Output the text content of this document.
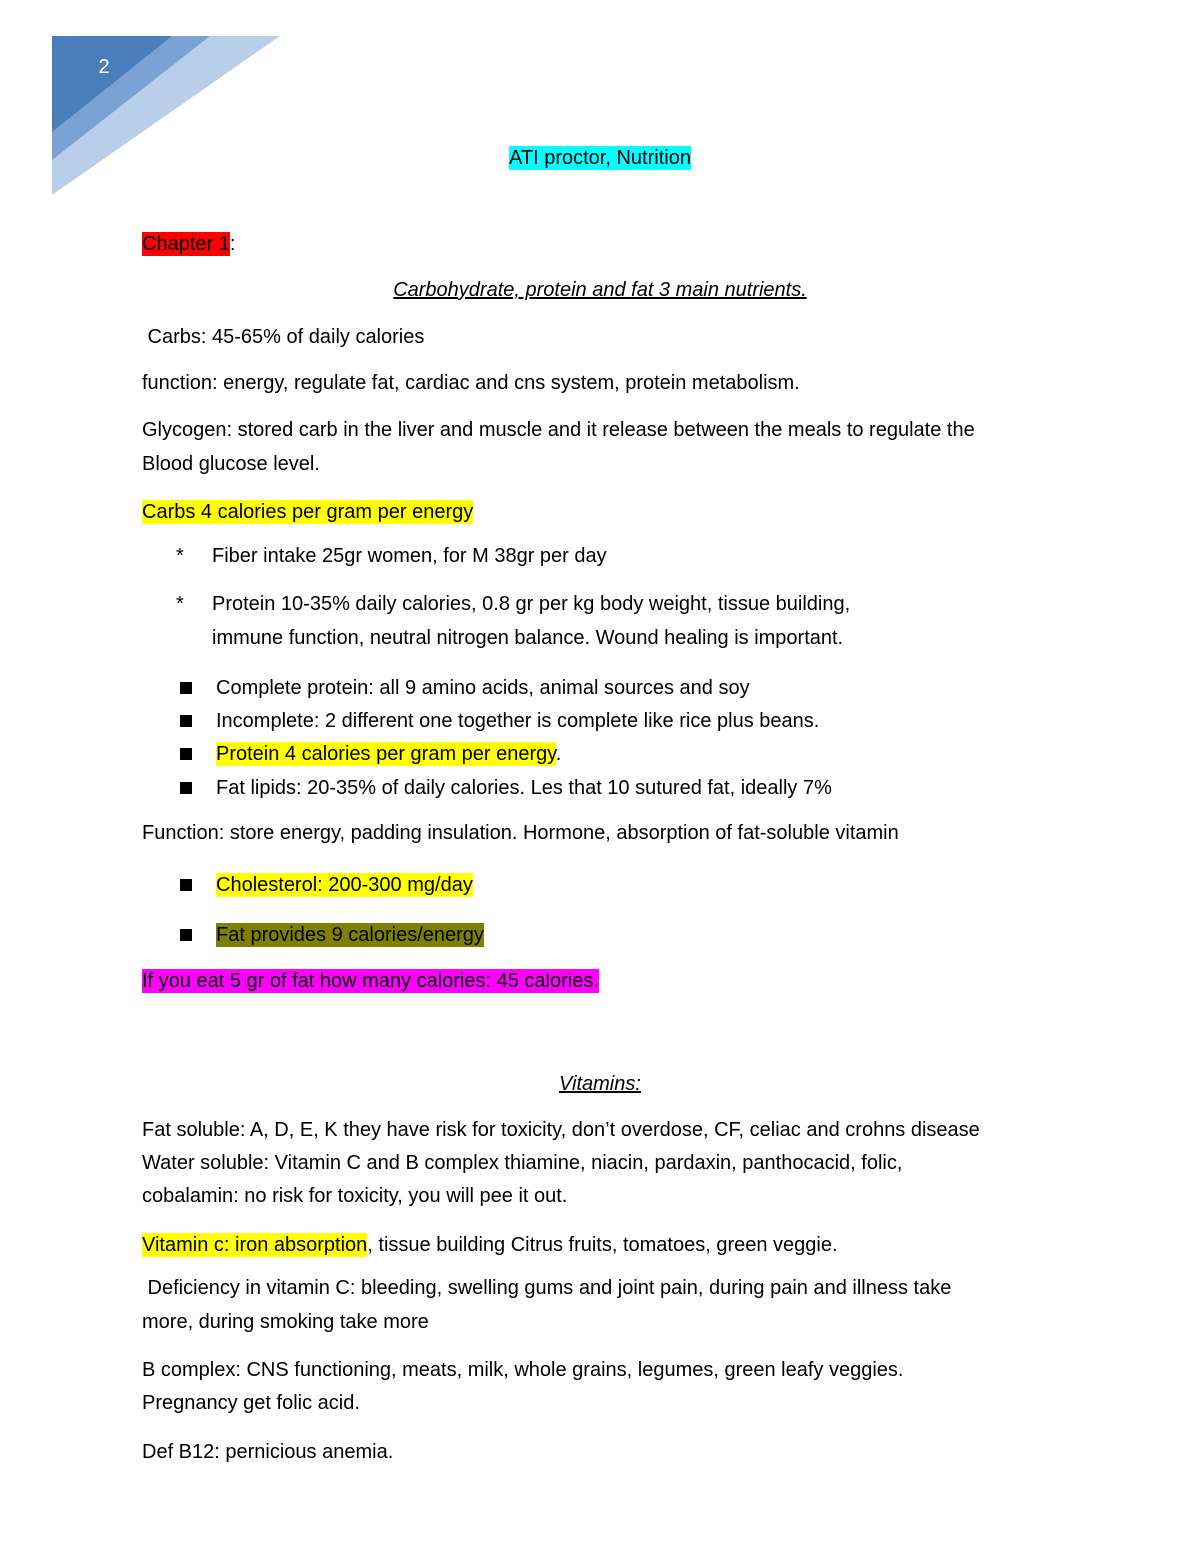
2

ATI proctor, Nutrition

Chapter 1:

Carbohydrate, protein and fat 3 main nutrients.

Carbs: 45-65% of daily calories

function: energy, regulate fat, cardiac and cns system, protein metabolism.

Glycogen: stored carb in the liver and muscle and it release between the meals to regulate the

Blood glucose level.

Carbs 4 calories per gram per energy

* Fiber intake 25gr women, for M 38gr per day
* Protein 10-35% daily calories, 0.8 gr per kg body weight, tissue building,
immune function, neutral nitrogen balance. Wound healing is important.
Complete protein: all 9 amino acids, animal sources and soy
Incomplete: 2 different one together is complete like rice plus beans.
Protein 4 calories per gram per energy.
Fat lipids: 20-35% of daily calories. Les that 10 sutured fat, ideally 7%

Function: store energy, padding insulation. Hormone, absorption of fat-soluble vitamin

Cholesterol: 200-300 mg/day
Fat provides 9 calories/energy

If you eat 5 gr of fat how many calories: 45 calories.

Vitamins:

Fat soluble: A, D, E, K they have risk for toxicity, don’t overdose, CF, celiac and crohns disease

Water soluble: Vitamin C and B complex thiamine, niacin, pardaxin, panthocacid, folic,

cobalamin: no risk for toxicity, you will pee it out.

Vitamin c: iron absorption, tissue building Citrus fruits, tomatoes, green veggie.

Deficiency in vitamin C: bleeding, swelling gums and joint pain, during pain and illness take

more, during smoking take more

B complex: CNS functioning, meats, milk, whole grains, legumes, green leafy veggies.

Pregnancy get folic acid.

Def B12: pernicious anemia.
